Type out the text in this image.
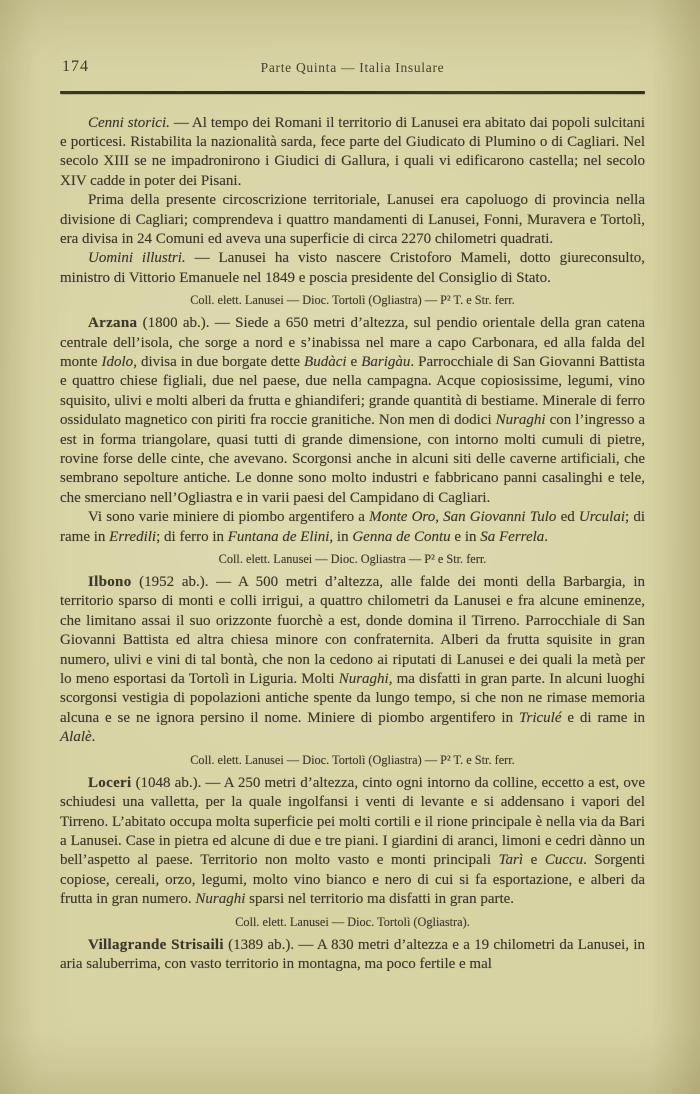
174	Parte Quinta — Italia Insulare

Cenni storici. — Al tempo dei Romani il territorio di Lanusei era abitato dai popoli sulcitani e porticesi. Ristabilita la nazionalità sarda, fece parte del Giudicato di Plumino o di Cagliari. Nel secolo XIII se ne impadronirono i Giudici di Gallura, i quali vi edificarono castella; nel secolo XIV cadde in poter dei Pisani.

Prima della presente circoscrizione territoriale, Lanusei era capoluogo di provincia nella divisione di Cagliari; comprendeva i quattro mandamenti di Lanusei, Fonni, Muravera e Tortolì, era divisa in 24 Comuni ed aveva una superficie di circa 2270 chilometri quadrati.

Uomini illustri. — Lanusei ha visto nascere Cristoforo Mameli, dotto giureconsulto, ministro di Vittorio Emanuele nel 1849 e poscia presidente del Consiglio di Stato.

Coll. elett. Lanusei — Dioc. Tortolì (Ogliastra) — P² T. e Str. ferr.

Arzana (1800 ab.). — Siede a 650 metri d’altezza, sul pendio orientale della gran catena centrale dell’isola, che sorge a nord e s’inabissa nel mare a capo Carbonara, ed alla falda del monte Idolo, divisa in due borgate dette Budàci e Barigàu. Parrocchiale di San Giovanni Battista e quattro chiese figliali, due nel paese, due nella campagna. Acque copiosissime, legumi, vino squisito, ulivi e molti alberi da frutta e ghiandiferi; grande quantità di bestiame. Minerale di ferro ossidulato magnetico con piriti fra roccie granitiche. Non men di dodici Nuraghi con l’ingresso a est in forma triangolare, quasi tutti di grande dimensione, con intorno molti cumuli di pietre, rovine forse delle cinte, che avevano. Scorgonsi anche in alcuni siti delle caverne artificiali, che sembrano sepolture antiche. Le donne sono molto industri e fabbricano panni casalinghi e tele, che smerciano nell’Ogliastra e in varii paesi del Campidano di Cagliari.

Vi sono varie miniere di piombo argentifero a Monte Oro, San Giovanni Tulo ed Urculai; di rame in Erredili; di ferro in Funtana de Elini, in Genna de Contu e in Sa Ferrela.

Coll. elett. Lanusei — Dioc. Ogliastra — P² e Str. ferr.

Ilbono (1952 ab.). — A 500 metri d’altezza, alle falde dei monti della Barbargia, in territorio sparso di monti e colli irrigui, a quattro chilometri da Lanusei e fra alcune eminenze, che limitano assai il suo orizzonte fuorchè a est, donde domina il Tirreno. Parrocchiale di San Giovanni Battista ed altra chiesa minore con confraternita. Alberi da frutta squisite in gran numero, ulivi e vini di tal bontà, che non la cedono ai riputati di Lanusei e dei quali la metà per lo meno esportasi da Tortolì in Liguria. Molti Nuraghi, ma disfatti in gran parte. In alcuni luoghi scorgonsi vestigia di popolazioni antiche spente da lungo tempo, si che non ne rimase memoria alcuna e se ne ignora persino il nome. Miniere di piombo argentifero in Triculé e di rame in Alalè.

Coll. elett. Lanusei — Dioc. Tortolì (Ogliastra) — P² T. e Str. ferr.

Loceri (1048 ab.). — A 250 metri d’altezza, cinto ogni intorno da colline, eccetto a est, ove schiudesi una valletta, per la quale ingolfansi i venti di levante e si addensano i vapori del Tirreno. L’abitato occupa molta superficie pei molti cortili e il rione principale è nella via da Bari a Lanusei. Case in pietra ed alcune di due e tre piani. I giardini di aranci, limoni e cedri dànno un bell’aspetto al paese. Territorio non molto vasto e monti principali Tarì e Cuccu. Sorgenti copiose, cereali, orzo, legumi, molto vino bianco e nero di cui si fa esportazione, e alberi da frutta in gran numero. Nuraghi sparsi nel territorio ma disfatti in gran parte.

Coll. elett. Lanusei — Dioc. Tortolì (Ogliastra).

Villagrande Strisaili (1389 ab.). — A 830 metri d’altezza e a 19 chilometri da Lanusei, in aria saluberrima, con vasto territorio in montagna, ma poco fertile e mal
